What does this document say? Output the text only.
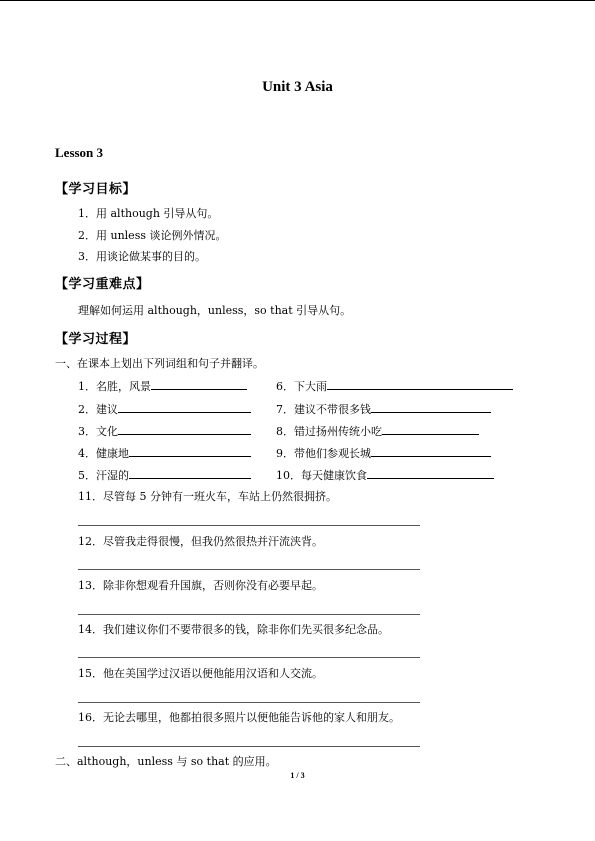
Unit 3 Asia
Lesson 3
【学习目标】
1．用 although 引导从句。
2．用 unless 谈论例外情况。
3．用谈论做某事的目的。
【学习重难点】
理解如何运用 although，unless，so that 引导从句。
【学习过程】
一、在课本上划出下列词组和句子并翻译。
1．名胜，风景
2．建议
3．文化
4．健康地
5．汗湿的
6．下大雨
7．建议不带很多钱
8．错过扬州传统小吃
9．带他们参观长城
10．每天健康饮食
11．尽管每 5 分钟有一班火车，车站上仍然很拥挤。
12．尽管我走得很慢，但我仍然很热并汗流浃背。
13．除非你想观看升国旗，否则你没有必要早起。
14．我们建议你们不要带很多的钱，除非你们先买很多纪念品。
15．他在美国学过汉语以便他能用汉语和人交流。
16．无论去哪里，他都拍很多照片以便他能告诉他的家人和朋友。
二、although，unless 与 so that 的应用。
1 / 3
